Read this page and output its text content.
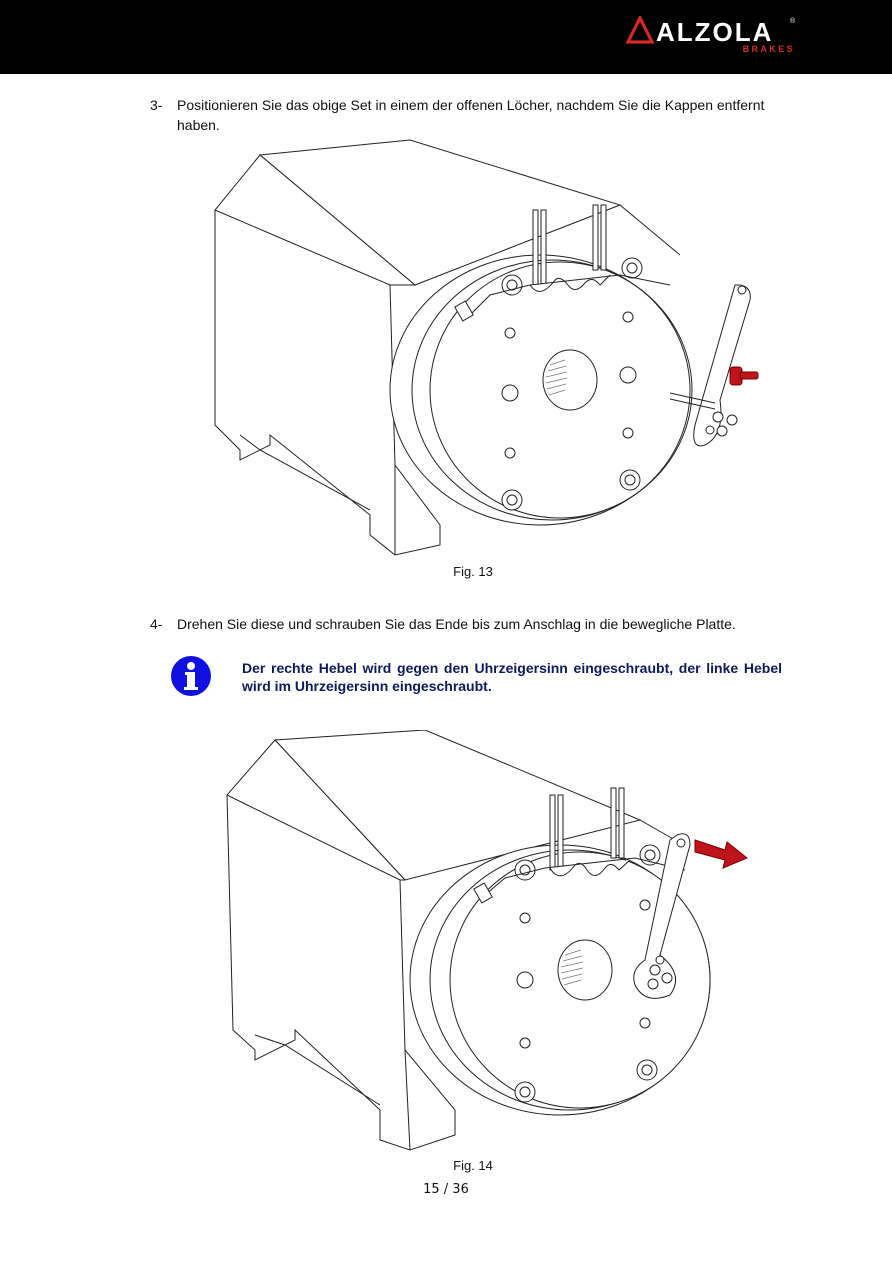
ALZOLA ®
BRAKES
3- Positionieren Sie das obige Set in einem der offenen Löcher, nachdem Sie die Kappen entfernt haben.
Fig. 13
4- Drehen Sie diese und schrauben Sie das Ende bis zum Anschlag in die bewegliche Platte.
Der rechte Hebel wird gegen den Uhrzeigersinn eingeschraubt, der linke Hebel wird im Uhrzeigersinn eingeschraubt.
Fig. 14
15 / 36
